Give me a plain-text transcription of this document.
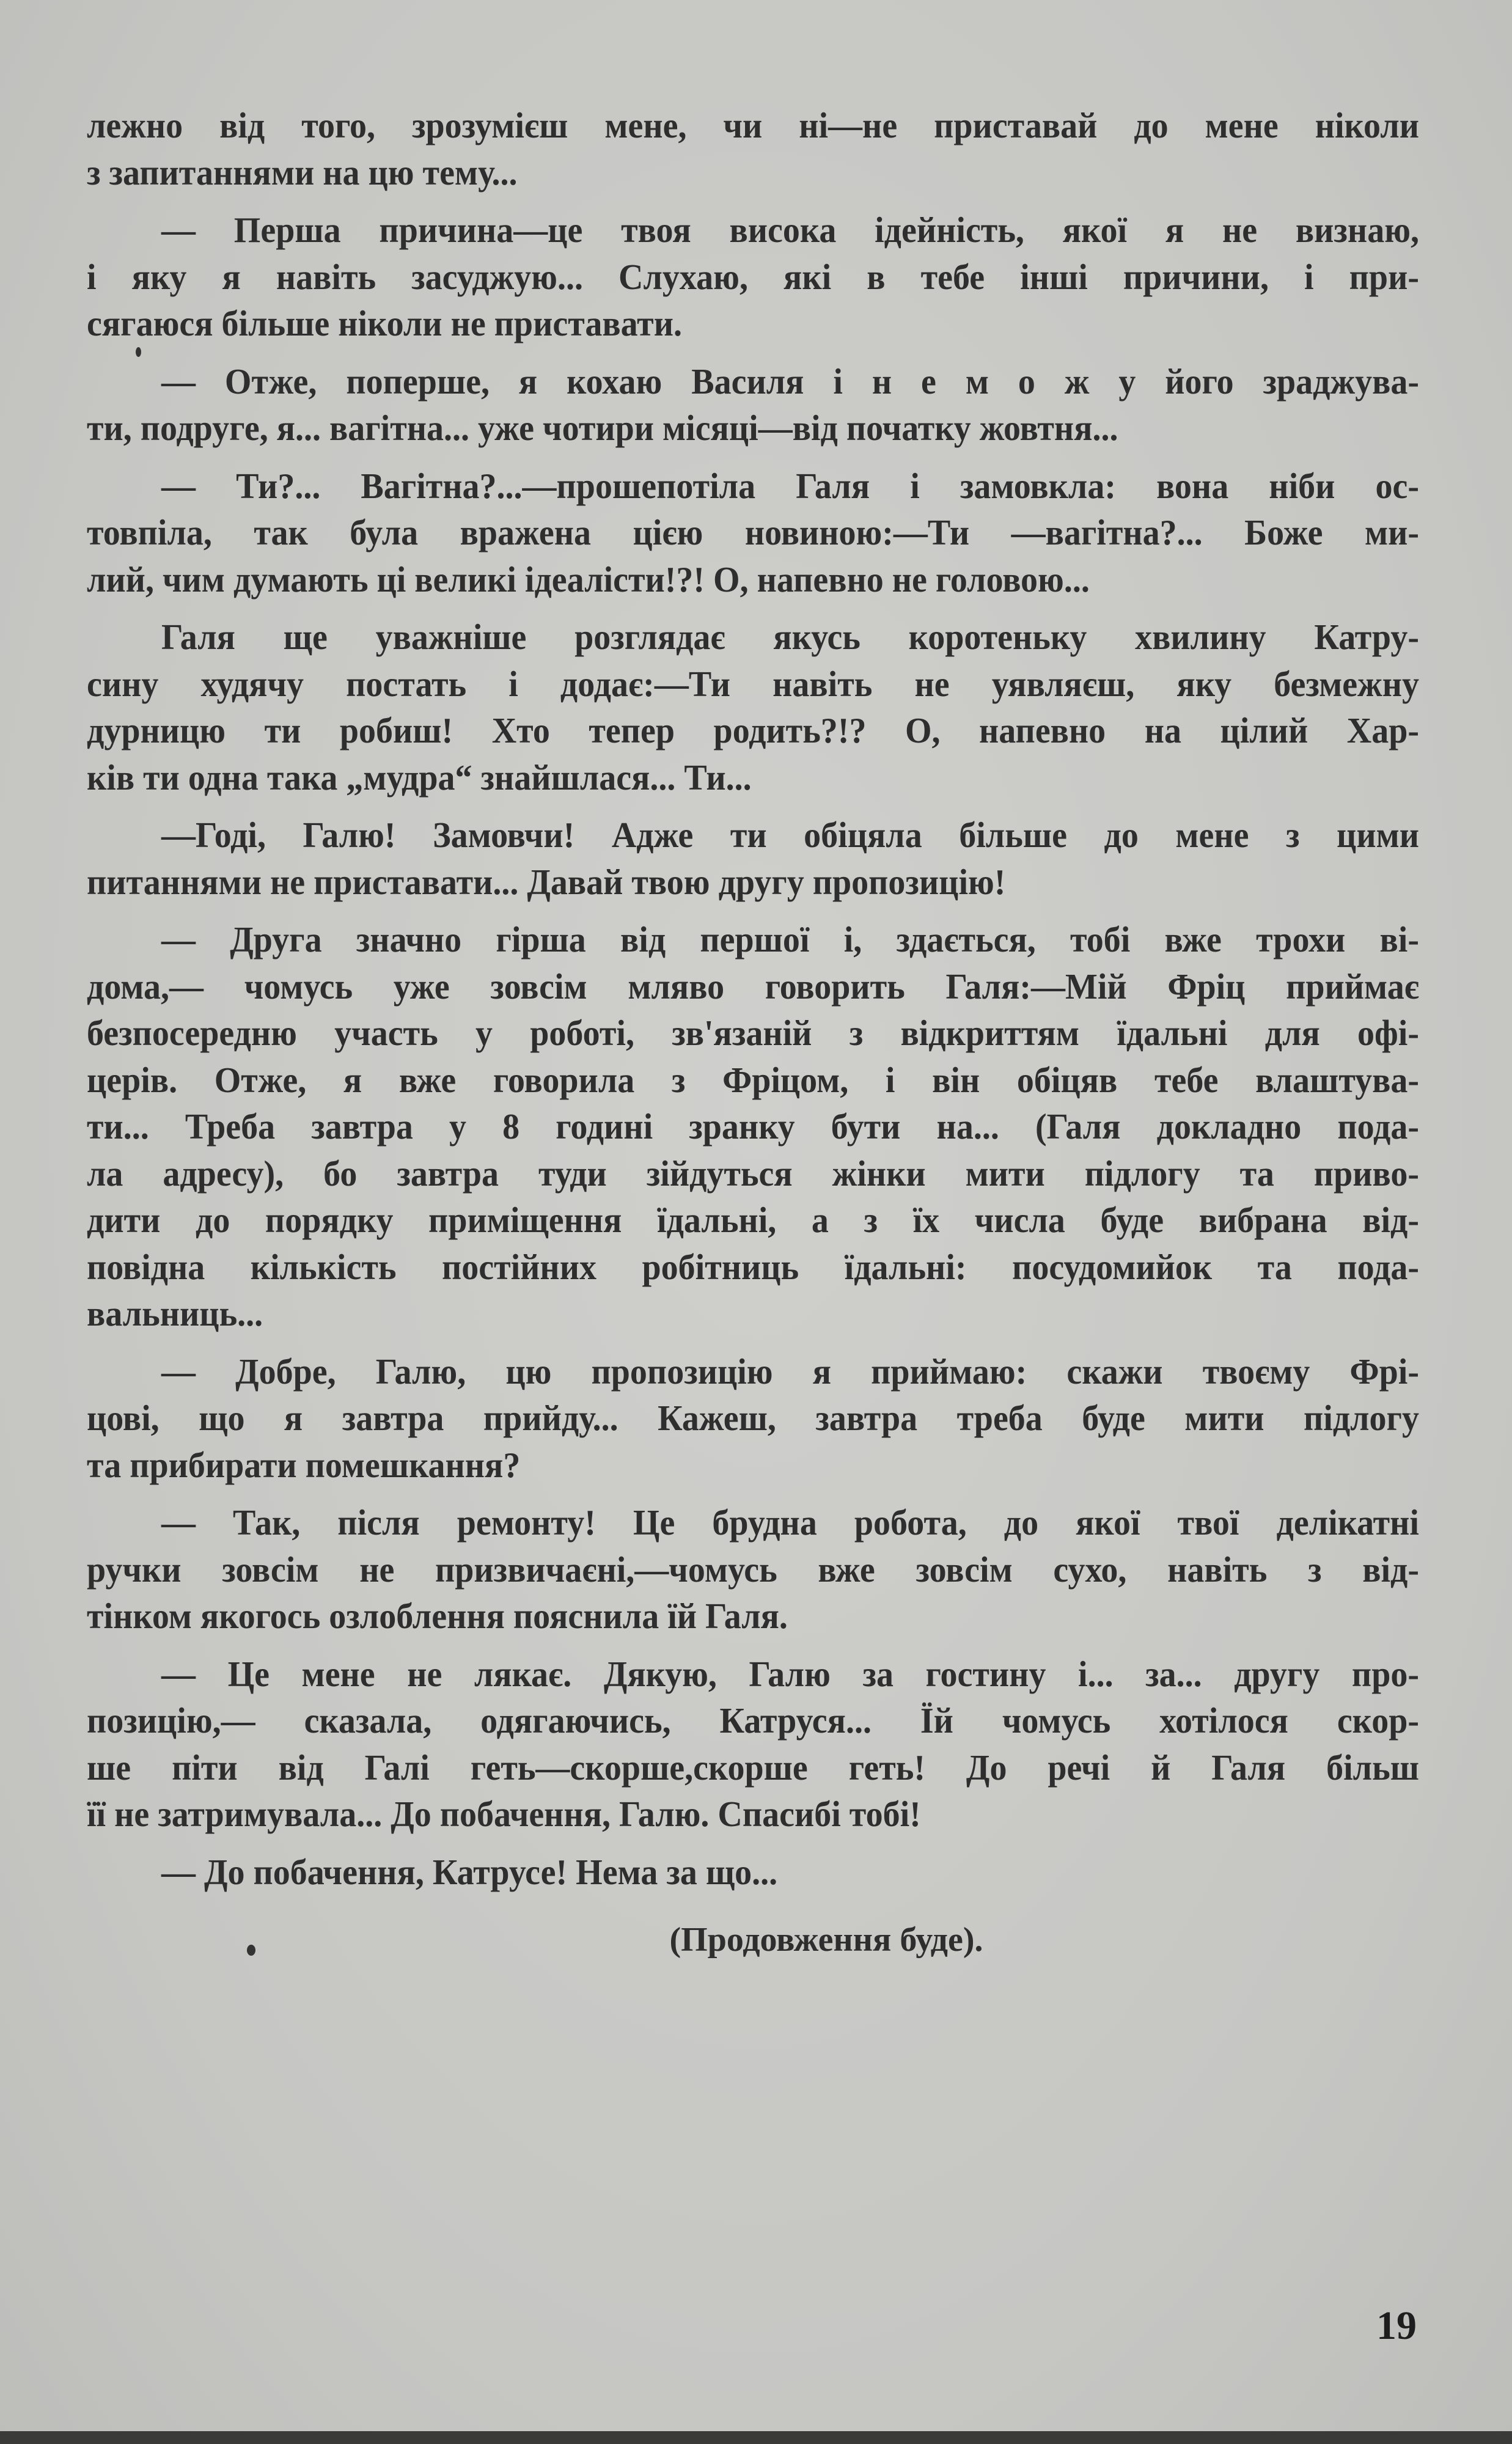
лежно від того, зрозумієш мене, чи ні—не приставай до мене ніколи
з запитаннями на цю тему...
— Перша причина—це твоя висока ідейність, якої я не визнаю,
і яку я навіть засуджую... Слухаю, які в тебе інші причини, і при-
сягаюся більше ніколи не приставати.
— Отже, поперше, я кохаю Василя і н е м о ж у його зраджува-
ти, подруге, я... вагітна... уже чотири місяці—від початку жовтня...
— Ти?... Вагітна?...—прошепотіла Галя і замовкла: вона ніби ос-
товпіла, так була вражена цією новиною:—Ти —вагітна?... Боже ми-
лий, чим думають ці великі ідеалісти!?! О, напевно не головою...
Галя ще уважніше розглядає якусь коротеньку хвилину Катру-
сину худячу постать і додає:—Ти навіть не уявляєш, яку безмежну
дурницю ти робиш! Хто тепер родить?!? О, напевно на цілий Хар-
ків ти одна така „мудра“ знайшлася... Ти...
—Годі, Галю! Замовчи! Адже ти обіцяла більше до мене з цими
питаннями не приставати... Давай твою другу пропозицію!
— Друга значно гірша від першої і, здається, тобі вже трохи ві-
дома,— чомусь уже зовсім мляво говорить Галя:—Мій Фріц приймає
безпосередню участь у роботі, зв'язаній з відкриттям їдальні для офі-
церів. Отже, я вже говорила з Фріцом, і він обіцяв тебе влаштува-
ти... Треба завтра у 8 годині зранку бути на... (Галя докладно пода-
ла адресу), бо завтра туди зійдуться жінки мити підлогу та приво-
дити до порядку приміщення їдальні, а з їх числа буде вибрана від-
повідна кількість постійних робітниць їдальні: посудомийок та пода-
вальниць...
— Добре, Галю, цю пропозицію я приймаю: скажи твоєму Фрі-
цові, що я завтра прийду... Кажеш, завтра треба буде мити підлогу
та прибирати помешкання?
— Так, після ремонту! Це брудна робота, до якої твої делікатні
ручки зовсім не призвичаєні,—чомусь вже зовсім сухо, навіть з від-
тінком якогось озлоблення пояснила їй Галя.
— Це мене не лякає. Дякую, Галю за гостину і... за... другу про-
позицію,— сказала, одягаючись, Катруся... Їй чомусь хотілося скор-
ше піти від Галі геть—скорше,скорше геть! До речі й Галя більш
її не затримувала... До побачення, Галю. Спасибі тобі!
— До побачення, Катрусе! Нема за що...
(Продовження буде).
19
